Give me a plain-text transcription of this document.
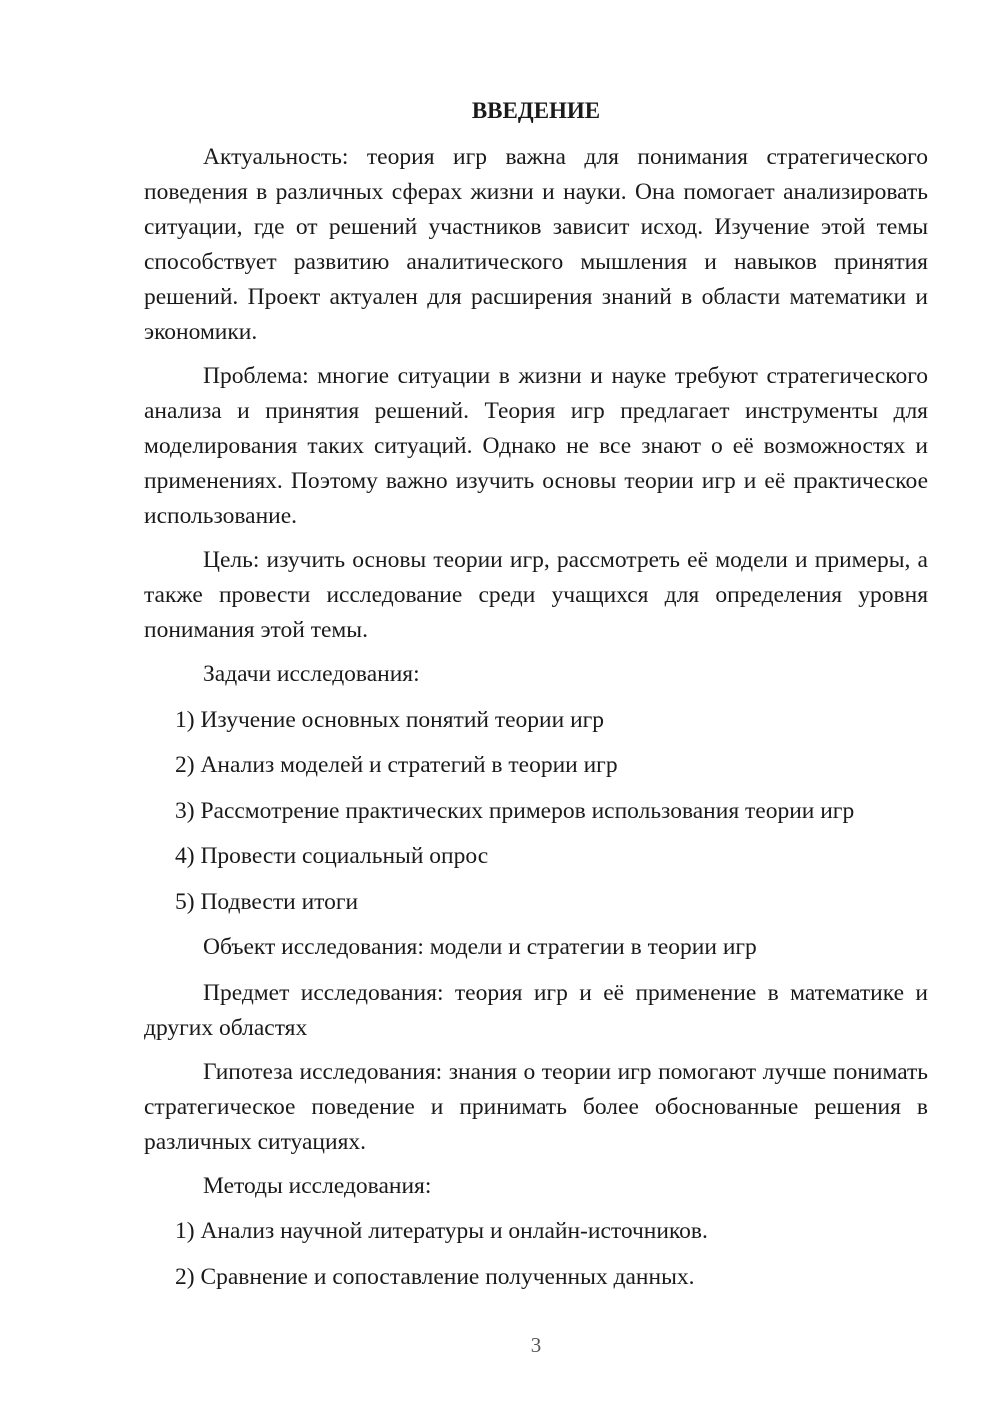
ВВЕДЕНИЕ
Актуальность: теория игр важна для понимания стратегического поведения в различных сферах жизни и науки. Она помогает анализировать ситуации, где от решений участников зависит исход. Изучение этой темы способствует развитию аналитического мышления и навыков принятия решений. Проект актуален для расширения знаний в области математики и экономики.
Проблема: многие ситуации в жизни и науке требуют стратегического анализа и принятия решений. Теория игр предлагает инструменты для моделирования таких ситуаций. Однако не все знают о её возможностях и применениях. Поэтому важно изучить основы теории игр и её практическое использование.
Цель: изучить основы теории игр, рассмотреть её модели и примеры, а также провести исследование среди учащихся для определения уровня понимания этой темы.
Задачи исследования:
1) Изучение основных понятий теории игр
2) Анализ моделей и стратегий в теории игр
3) Рассмотрение практических примеров использования теории игр
4) Провести социальный опрос
5) Подвести итоги
Объект исследования: модели и стратегии в теории игр
Предмет исследования: теория игр и её применение в математике и других областях
Гипотеза исследования: знания о теории игр помогают лучше понимать стратегическое поведение и принимать более обоснованные решения в различных ситуациях.
Методы исследования:
1) Анализ научной литературы и онлайн-источников.
2) Сравнение и сопоставление полученных данных.
3
